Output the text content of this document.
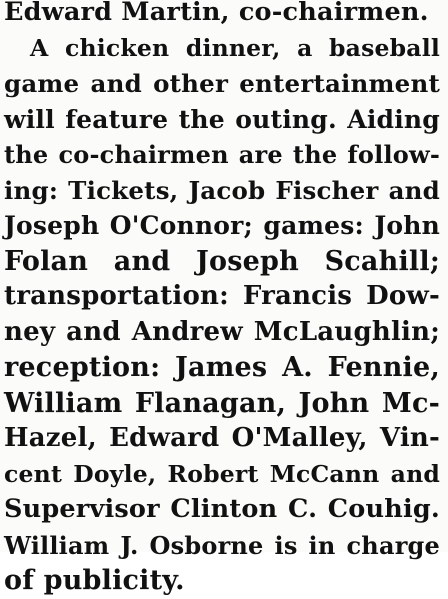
Edward Martin, co-chairmen.
A chicken dinner, a baseball
game and other entertainment
will feature the outing. Aiding
the co-chairmen are the follow-
ing: Tickets, Jacob Fischer and
Joseph O'Connor; games: John
Folan and Joseph Scahill;
transportation: Francis Dow-
ney and Andrew McLaughlin;
reception: James A. Fennie,
William Flanagan, John Mc-
Hazel, Edward O'Malley, Vin-
cent Doyle, Robert McCann and
Supervisor Clinton C. Couhig.
William J. Osborne is in charge
of publicity.
